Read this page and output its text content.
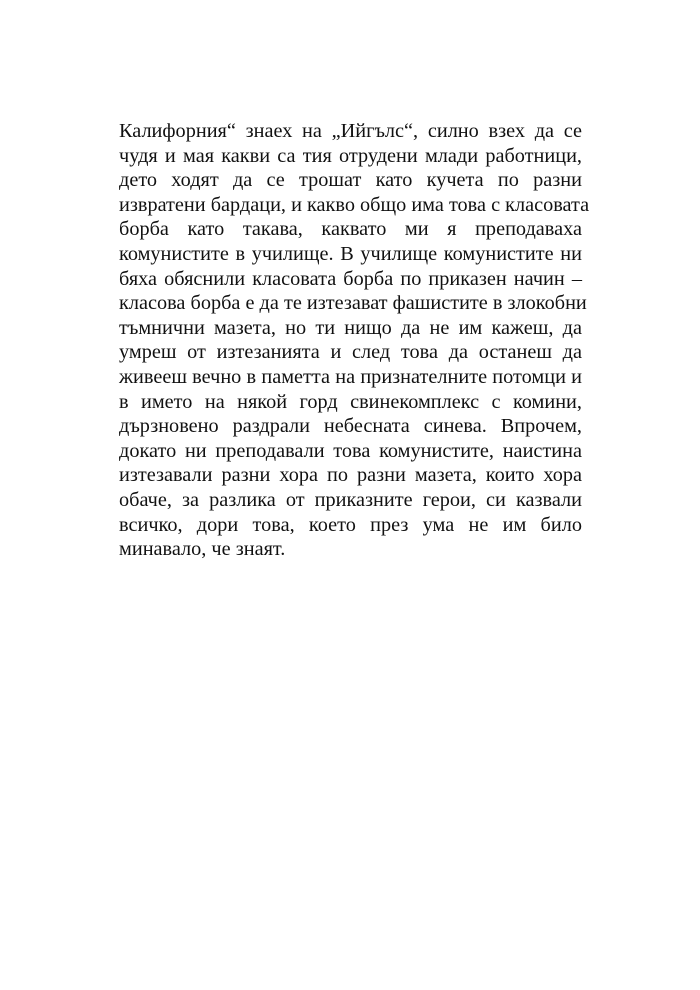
Калифорния“ знаех на „Ийгълс“, силно взех да се
чудя и мая какви са тия отрудени млади работници,
дето ходят да се трошат като кучета по разни
извратени бардаци, и какво общо има това с класовата
борба като такава, каквато ми я преподаваха
комунистите в училище. В училище комунистите ни
бяха обяснили класовата борба по приказен начин –
класова борба е да те изтезават фашистите в злокобни
тъмнични мазета, но ти нищо да не им кажеш, да
умреш от изтезанията и след това да останеш да
живееш вечно в паметта на признателните потомци и
в името на някой горд свинекомплекс с комини,
дързновено раздрали небесната синева. Впрочем,
докато ни преподавали това комунистите, наистина
изтезавали разни хора по разни мазета, които хора
обаче, за разлика от приказните герои, си казвали
всичко, дори това, което през ума не им било
минавало, че знаят.
